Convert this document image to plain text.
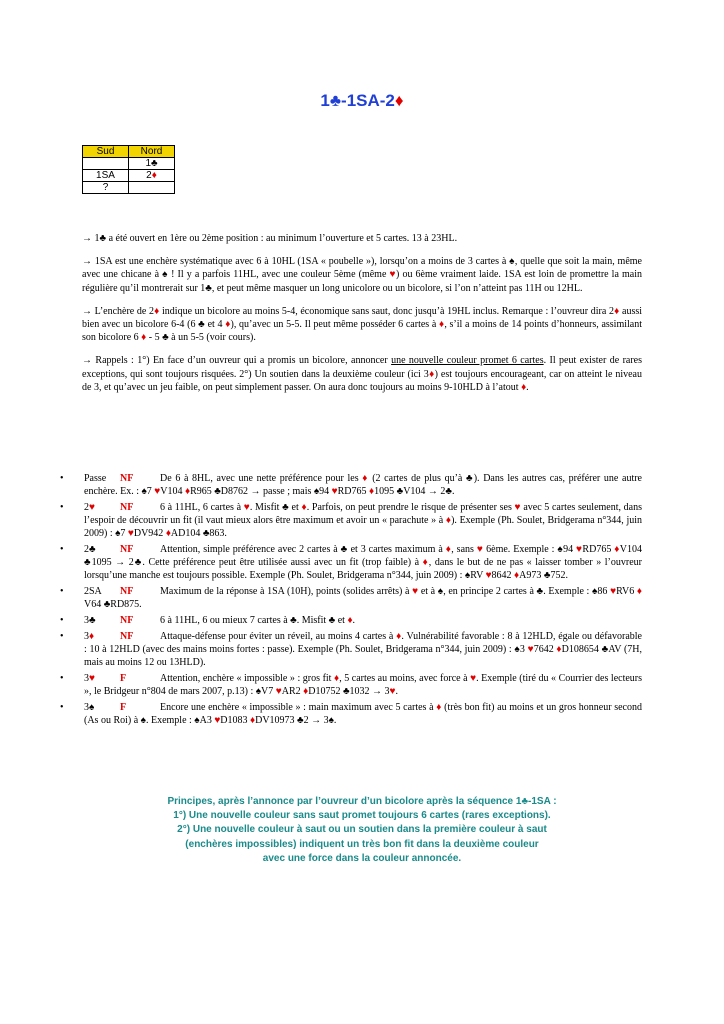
1♣-1SA-2♦
Sud	Nord
	1♣
1SA	2♦
?	

→ 1♣ a été ouvert en 1ère ou 2ème position : au minimum l’ouverture et 5 cartes. 13 à 23HL.

→ 1SA est une enchère systématique avec 6 à 10HL (1SA « poubelle »), lorsqu’on a moins de 3 cartes à ♠, quelle que soit la main, même avec une chicane à ♠ ! Il y a parfois 11HL, avec une couleur 5ème (même ♥) ou 6ème vraiment laide. 1SA est loin de promettre la main régulière qu’il montrerait sur 1♣, et peut même masquer un long unicolore ou un bicolore, si l’on n’atteint pas 11H ou 12HL.

→ L’enchère de 2♦ indique un bicolore au moins 5-4, économique sans saut, donc jusqu’à 19HL inclus. Remarque : l’ouvreur dira 2♦ aussi bien avec un bicolore 6-4 (6 ♣ et 4 ♦), qu’avec un 5-5. Il peut même posséder 6 cartes à ♦, s’il a moins de 14 points d’honneurs, assimilant son bicolore 6 ♦ - 5 ♣ à un 5-5 (voir cours).

→ Rappels : 1°) En face d’un ouvreur qui a promis un bicolore, annoncer une nouvelle couleur promet 6 cartes. Il peut exister de rares exceptions, qui sont toujours risquées. 2°) Un soutien dans la deuxième couleur (ici 3♦) est toujours encourageant, car on atteint le niveau de 3, et qu’avec un jeu faible, on peut simplement passer. On aura donc toujours au moins 9-10HLD à l’atout ♦.

• Passe NF	De 6 à 8HL, avec une nette préférence pour les ♦ (2 cartes de plus qu’à ♣). Dans les autres cas, préférer une autre enchère. Ex. : ♠7 ♥V104 ♦R965 ♣D8762 → passe ; mais ♠94 ♥RD765 ♦1095 ♣V104 → 2♣.
• 2♥	NF	6 à 11HL, 6 cartes à ♥. Misfit ♣ et ♦. Parfois, on peut prendre le risque de présenter ses ♥ avec 5 cartes seulement, dans l’espoir de découvrir un fit (il vaut mieux alors être maximum et avoir un « parachute » à ♦). Exemple (Ph. Soulet, Bridgerama n°344, juin 2009) : ♠7 ♥DV942 ♦AD104 ♣863.
• 2♣ NF	Attention, simple préférence avec 2 cartes à ♣ et 3 cartes maximum à ♦, sans ♥ 6ème. Exemple : ♠94 ♥RD765 ♦V104 ♣1095 → 2♣. Cette préférence peut être utilisée aussi avec un fit (trop faible) à ♦, dans le but de ne pas « laisser tomber » l’ouvreur lorsqu’une manche est toujours possible. Exemple (Ph. Soulet, Bridgerama n°344, juin 2009) : ♠RV ♥8642 ♦A973 ♣752.
• 2SA NF	Maximum de la réponse à 1SA (10H), points (solides arrêts) à ♥ et à ♠, en principe 2 cartes à ♣. Exemple : ♠86 ♥RV6 ♦ V64 ♣RD875.
• 3♣ NF	6 à 11HL, 6 ou mieux 7 cartes à ♣. Misfit ♣ et ♦.
• 3♦	NF	Attaque-défense pour éviter un réveil, au moins 4 cartes à ♦. Vulnérabilité favorable : 8 à 12HLD, égale ou défavorable : 10 à 12HLD (avec des mains moins fortes : passe). Exemple (Ph. Soulet, Bridgerama n°344, juin 2009) : ♠3 ♥7642 ♦D108654 ♣AV (7H, mais au moins 12 ou 13HLD).
• 3♥	F	Attention, enchère « impossible » : gros fit ♦, 5 cartes au moins, avec force à ♥. Exemple (tiré du « Courrier des lecteurs », le Bridgeur n°804 de mars 2007, p.13) : ♠V7 ♥AR2 ♦D10752 ♣1032 → 3♥.
• 3♠	F	Encore une enchère « impossible » : main maximum avec 5 cartes à ♦ (très bon fit) au moins et un gros honneur second (As ou Roi) à ♠. Exemple : ♠A3 ♥D1083 ♦DV10973 ♣2 → 3♠.
Principes, après l’annonce par l’ouvreur d’un bicolore après la séquence 1♣-1SA :
1°) Une nouvelle couleur sans saut promet toujours 6 cartes (rares exceptions).
2°) Une nouvelle couleur à saut ou un soutien dans la première couleur à saut
(enchères impossibles) indiquent un très bon fit dans la deuxième couleur
avec une force dans la couleur annoncée.
